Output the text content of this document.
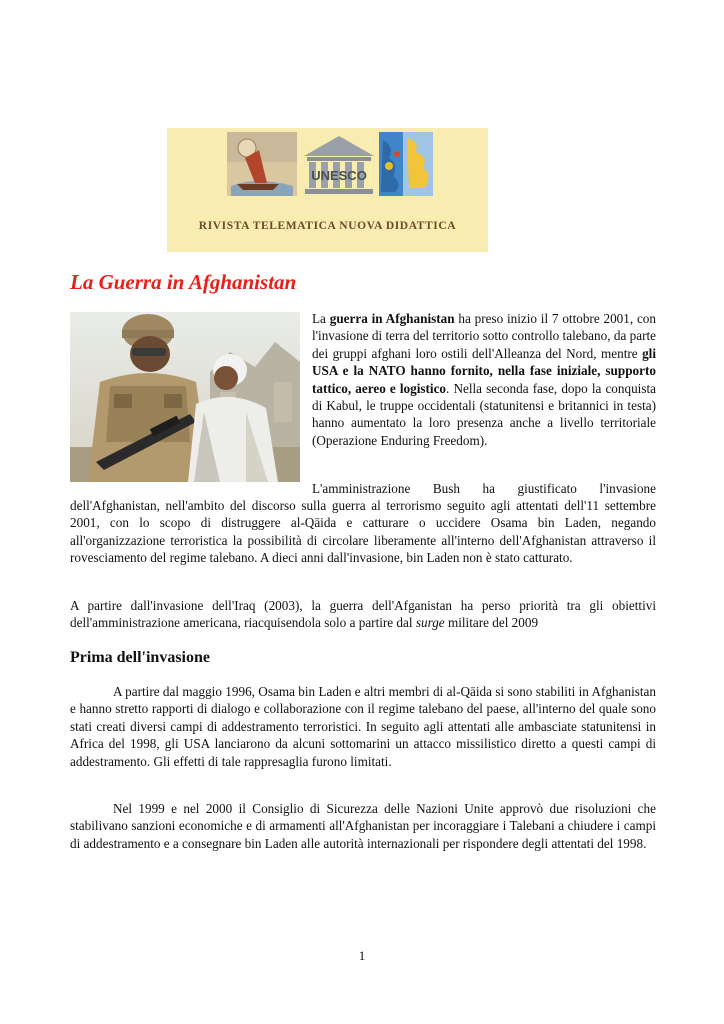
UNESCO
RIVISTA TELEMATICA NUOVA DIDATTICA
La Guerra in Afghanistan

La guerra in Afghanistan ha preso inizio il 7 ottobre 2001, con l'invasione di terra del territorio sotto controllo talebano, da parte dei gruppi afghani loro ostili dell'Alleanza del Nord, mentre gli USA e la NATO hanno fornito, nella fase iniziale, supporto tattico, aereo e logistico. Nella seconda fase, dopo la conquista di Kabul, le truppe occidentali (statunitensi e britannici in testa) hanno aumentato la loro presenza anche a livello territoriale (Operazione Enduring Freedom).

L'amministrazione Bush ha giustificato l'invasione

dell'Afghanistan, nell'ambito del discorso sulla guerra al terrorismo seguito agli attentati dell'11 settembre 2001, con lo scopo di distruggere al-Qāida e catturare o uccidere Osama bin Laden, negando all'organizzazione terroristica la possibilità di circolare liberamente all'interno dell'Afghanistan attraverso il rovesciamento del regime talebano. A dieci anni dall'invasione, bin Laden non è stato catturato.

A partire dall'invasione dell'Iraq (2003), la guerra dell'Afganistan ha perso priorità tra gli obiettivi dell'amministrazione americana, riacquisendola solo a partire dal surge militare del 2009

Prima dell'invasione

A partire dal maggio 1996, Osama bin Laden e altri membri di al-Qāida si sono stabiliti in Afghanistan e hanno stretto rapporti di dialogo e collaborazione con il regime talebano del paese, all'interno del quale sono stati creati diversi campi di addestramento terroristici. In seguito agli attentati alle ambasciate statunitensi in Africa del 1998, gli USA lanciarono da alcuni sottomarini un attacco missilistico diretto a questi campi di addestramento. Gli effetti di tale rappresaglia furono limitati.

Nel 1999 e nel 2000 il Consiglio di Sicurezza delle Nazioni Unite approvò due risoluzioni che stabilivano sanzioni economiche e di armamenti all'Afghanistan per incoraggiare i Talebani a chiudere i campi di addestramento e a consegnare bin Laden alle autorità internazionali per rispondere degli attentati del 1998.

1
